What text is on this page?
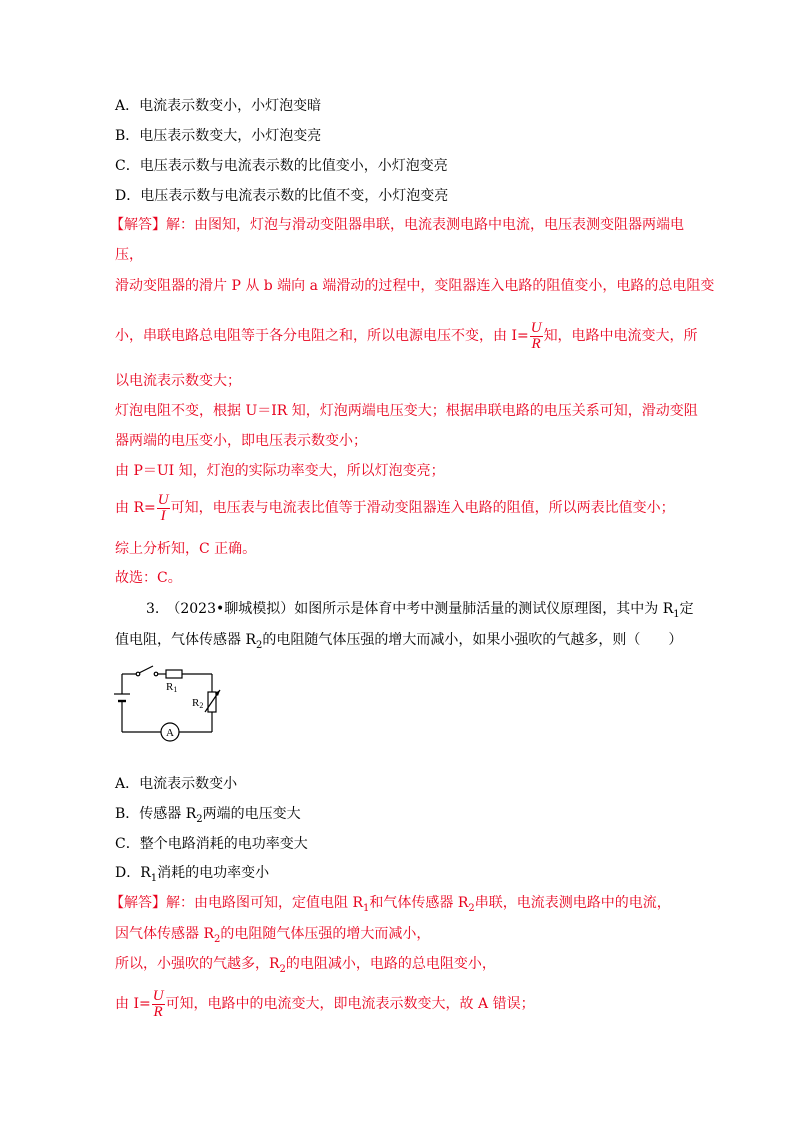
A．电流表示数变小，小灯泡变暗
B．电压表示数变大，小灯泡变亮
C．电压表示数与电流表示数的比值变小，小灯泡变亮
D．电压表示数与电流表示数的比值不变，小灯泡变亮
【解答】解：由图知，灯泡与滑动变阻器串联，电流表测电路中电流，电压表测变阻器两端电
压，
滑动变阻器的滑片 P 从 b 端向 a 端滑动的过程中，变阻器连入电路的阻值变小，电路的总电阻变
小，串联电路总电阻等于各分电阻之和，所以电源电压不变，由 $I= \frac{U}{R}$ 知，电路中电流变大，所
以电流表示数变大；
灯泡电阻不变，根据 U＝IR 知，灯泡两端电压变大；根据串联电路的电压关系可知，滑动变阻
器两端的电压变小，即电压表示数变小；
由 P＝UI 知，灯泡的实际功率变大，所以灯泡变亮；
由 $R= \frac{U}{I}$ 可知，电压表与电流表比值等于滑动变阻器连入电路的阻值，所以两表比值变小；
综上分析知，C 正确。
故选：C。
3.　（2023•聊城模拟）如图所示是体育中考中测量肺活量的测试仪原理图，其中为 $R_1$定
值电阻，气体传感器 $R_2$的电阻随气体压强的增大而减小，如果小强吹的气越多，则（　　）
R1
R2
A
A．电流表示数变小
B．传感器 $R_2$两端的电压变大
C．整个电路消耗的电功率变大
D．$R_1$消耗的电功率变小
【解答】解：由电路图可知，定值电阻 $R_1$和气体传感器 $R_2$串联，电流表测电路中的电流，
因气体传感器 $R_2$的电阻随气体压强的增大而减小，
所以，小强吹的气越多，$R_2$的电阻减小，电路的总电阻变小，
由 $I= \frac{U}{R}$ 可知，电路中的电流变大，即电流表示数变大，故 A 错误；
